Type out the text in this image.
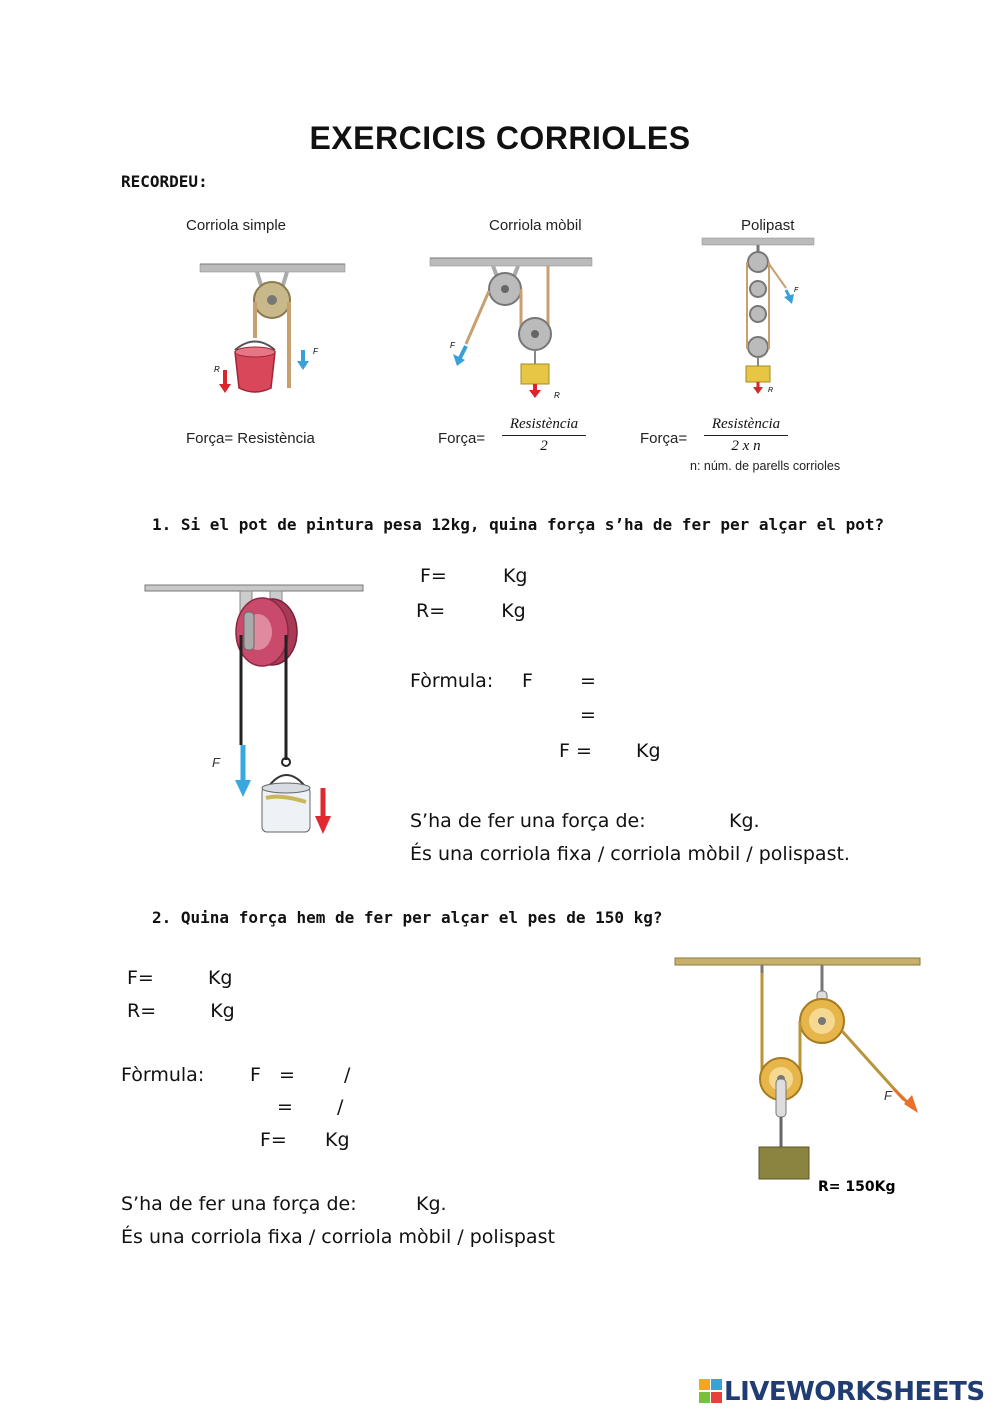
EXERCICIS CORRIOLES
RECORDEU:
Corriola simple
R
F
Força= Resistència
Corriola mòbil
F
R
Força=
Resistència
2
Polipast
F
R
Força=
Resistència
2 x n
n: núm. de parells corrioles
1. Si el pot de pintura pesa 12kg, quina força s’ha de fer per alçar el pot?
F
F=	Kg
R=	Kg
Fòrmula: F =
=
F = Kg
S’ha de fer una força de:	Kg.
És una corriola fixa / corriola mòbil / polispast.
2. Quina força hem de fer per alçar el pes de 150 kg?
F=	Kg
R=	Kg
Fòrmula: F =	/
= /
F= Kg
S’ha de fer una força de:	Kg.
És una corriola fixa / corriola mòbil / polispast
F
R= 150Kg
LW LIVEWORKSHEETS
